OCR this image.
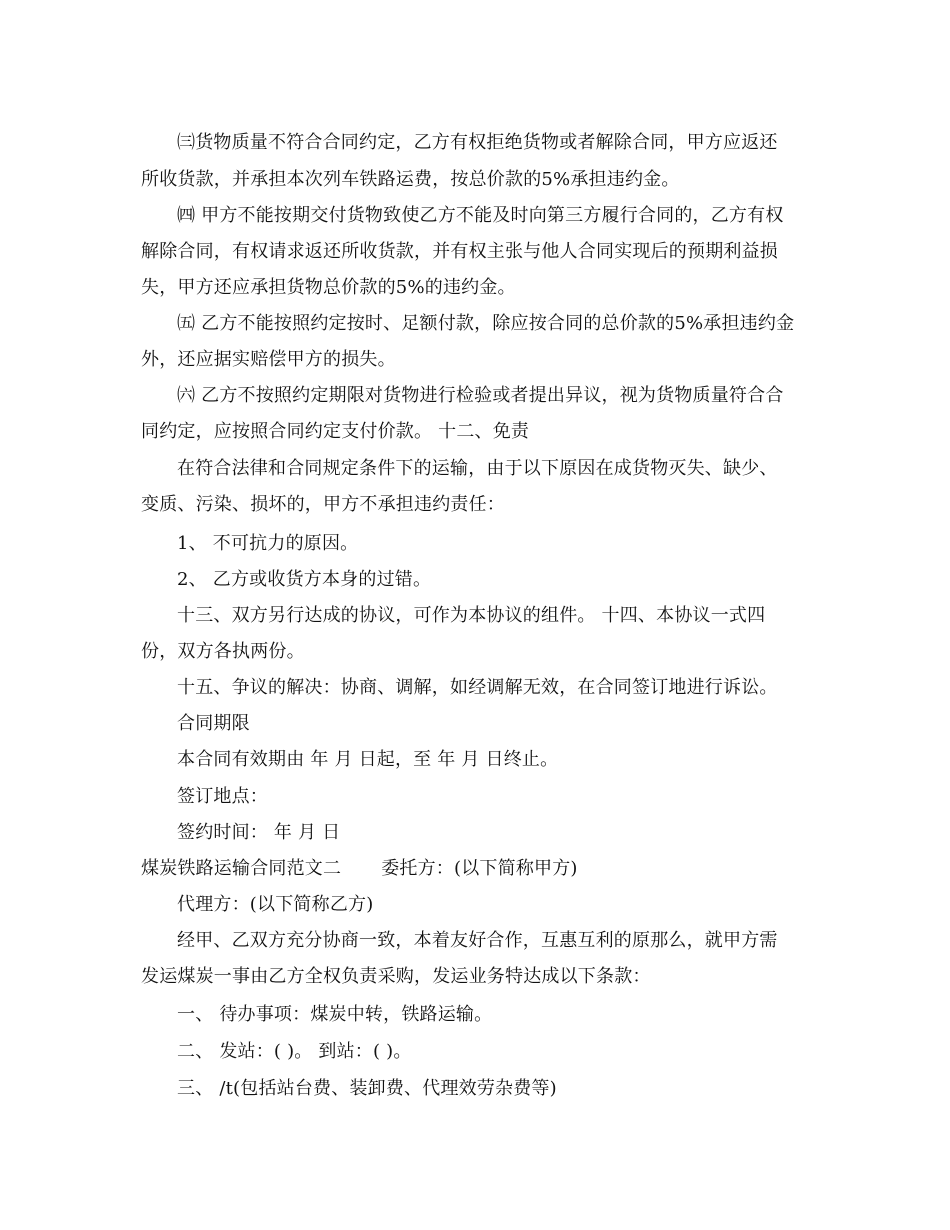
㈢货物质量不符合合同约定，乙方有权拒绝货物或者解除合同，甲方应返还
所收货款，并承担本次列车铁路运费，按总价款的5%承担违约金。
㈣ 甲方不能按期交付货物致使乙方不能及时向第三方履行合同的，乙方有权
解除合同，有权请求返还所收货款，并有权主张与他人合同实现后的预期利益损
失，甲方还应承担货物总价款的5%的违约金。
㈤ 乙方不能按照约定按时、足额付款，除应按合同的总价款的5%承担违约金
外，还应据实赔偿甲方的损失。
㈥ 乙方不按照约定期限对货物进行检验或者提出异议，视为货物质量符合合
同约定，应按照合同约定支付价款。 十二、免责
在符合法律和合同规定条件下的运输，由于以下原因在成货物灭失、缺少、
变质、污染、损坏的，甲方不承担违约责任：
1、 不可抗力的原因。
2、 乙方或收货方本身的过错。
十三、双方另行达成的协议，可作为本协议的组件。 十四、本协议一式四
份，双方各执两份。
十五、争议的解决：协商、调解，如经调解无效，在合同签订地进行诉讼。
合同期限
本合同有效期由 年 月 日起，至 年 月 日终止。
签订地点：
签约时间： 年 月 日
煤炭铁路运输合同范文二 委托方：(以下简称甲方)
代理方：(以下简称乙方)
经甲、乙双方充分协商一致，本着友好合作，互惠互利的原那么，就甲方需
发运煤炭一事由乙方全权负责采购，发运业务特达成以下条款：
一、 待办事项：煤炭中转，铁路运输。
二、 发站：( )。 到站：( )。
三、 /t(包括站台费、装卸费、代理效劳杂费等)
